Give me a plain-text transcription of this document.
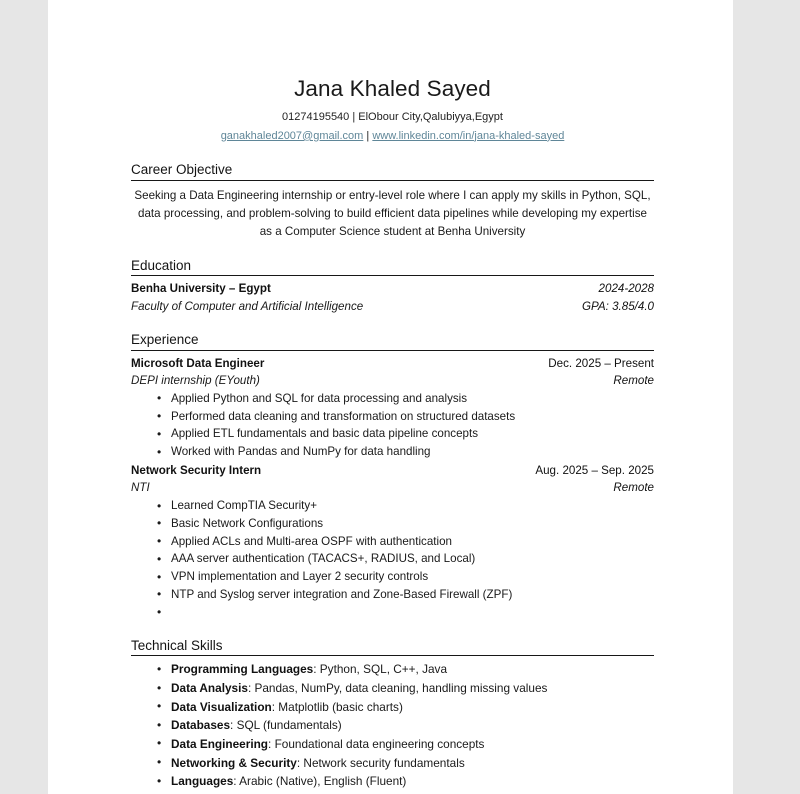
Jana Khaled Sayed
01274195540 | ElObour City,Qalubiyya,Egypt
ganakhaled2007@gmail.com | www.linkedin.com/in/jana-khaled-sayed
Career Objective

Seeking a Data Engineering internship or entry-level role where I can apply my skills in Python, SQL, data processing, and problem-solving to build efficient data pipelines while developing my expertise as a Computer Science student at Benha University

Education
Benha University – Egypt	2024-2028
Faculty of Computer and Artificial Intelligence	GPA: 3.85/4.0
Experience
Microsoft Data Engineer	Dec. 2025 – Present
DEPI internship (EYouth)	Remote
• Applied Python and SQL for data processing and analysis
• Performed data cleaning and transformation on structured datasets
• Applied ETL fundamentals and basic data pipeline concepts
• Worked with Pandas and NumPy for data handling
Network Security Intern	Aug. 2025 – Sep. 2025
NTI	Remote
• Learned CompTIA Security+
• Basic Network Configurations
• Applied ACLs and Multi-area OSPF with authentication
• AAA server authentication (TACACS+, RADIUS, and Local)
• VPN implementation and Layer 2 security controls
• NTP and Syslog server integration and Zone-Based Firewall (ZPF)
•
Technical Skills
• Programming Languages: Python, SQL, C++, Java
• Data Analysis: Pandas, NumPy, data cleaning, handling missing values
• Data Visualization: Matplotlib (basic charts)
• Databases: SQL (fundamentals)
• Data Engineering: Foundational data engineering concepts
• Networking & Security: Network security fundamentals
• Languages: Arabic (Native), English (Fluent)
